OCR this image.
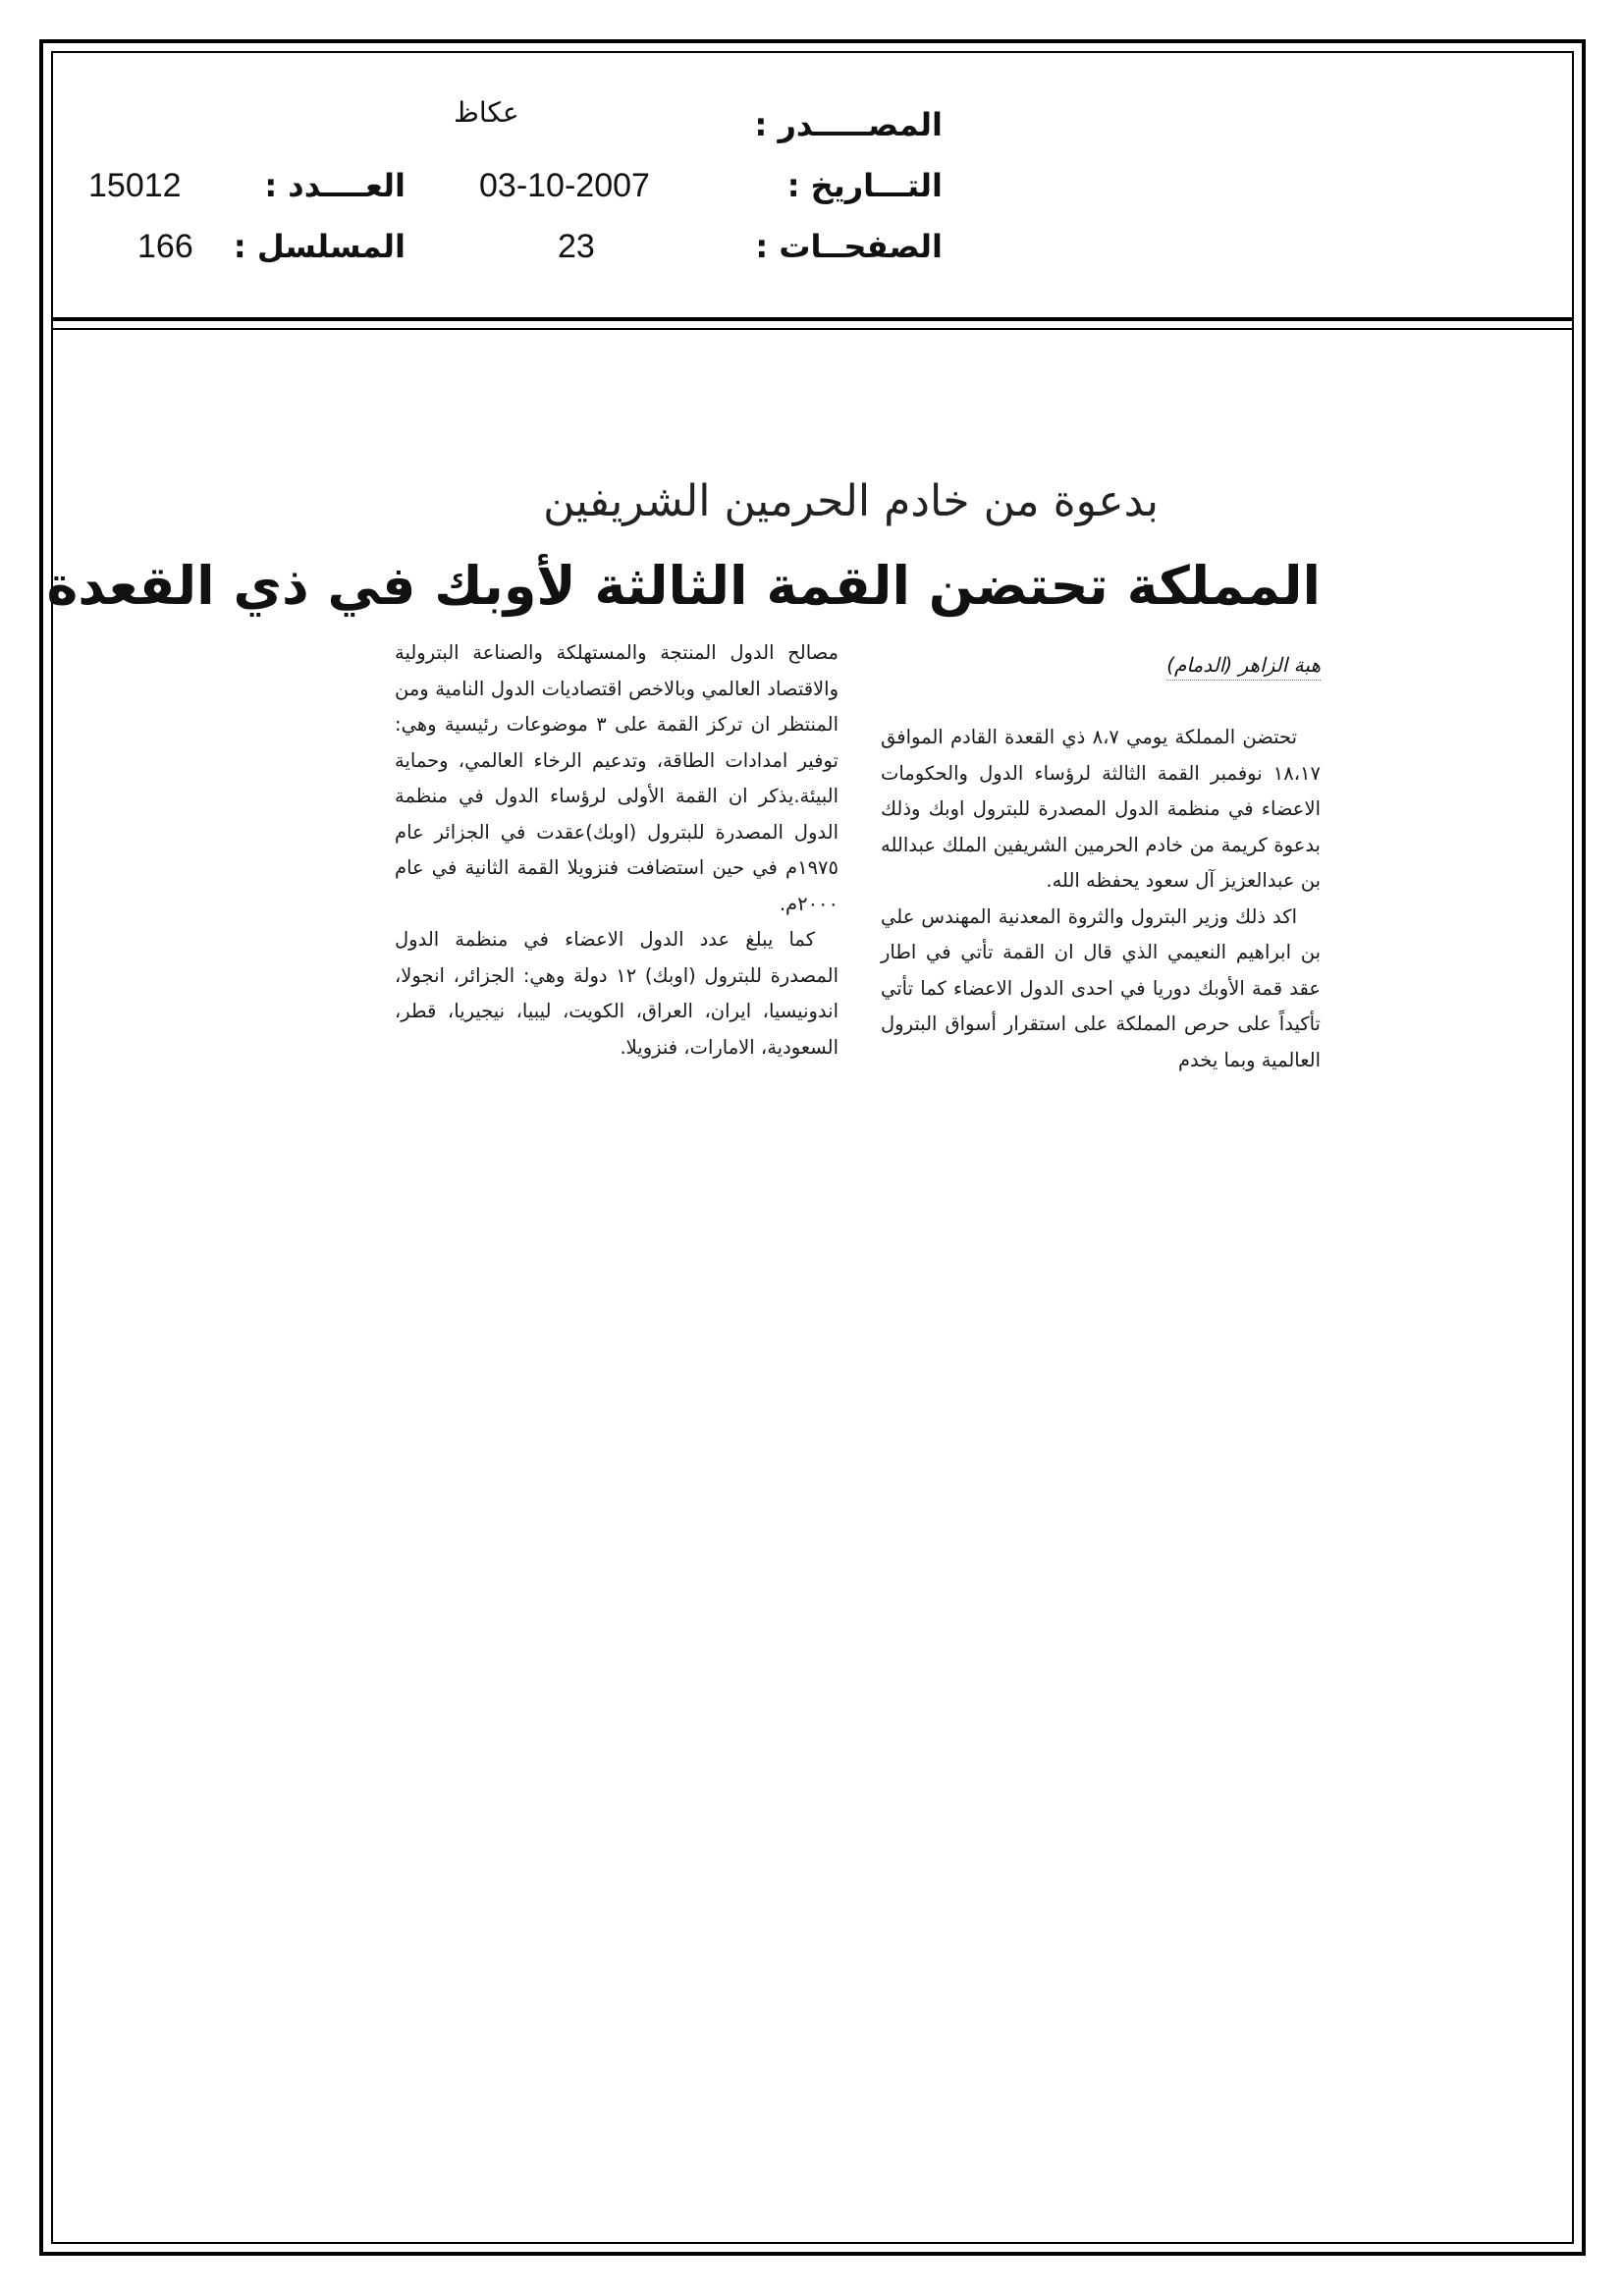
المصـــــدر :
عكاظ
التـــاريخ :
03-10-2007
العــــدد :
15012
الصفحــات :
23
المسلسل :
166
بدعوة من خادم الحرمين الشريفين
المملكة تحتضن القمة الثالثة لأوبك في ذي القعدة
هبة الزاهر (الدمام)

تحتضن المملكة يومي ٨،٧ ذي القعدة القادم الموافق ١٨،١٧ نوفمبر القمة الثالثة لرؤساء الدول والحكومات الاعضاء في منظمة الدول المصدرة للبترول اوبك وذلك بدعوة كريمة من خادم الحرمين الشريفين الملك عبدالله بن عبدالعزيز آل سعود يحفظه الله.

اكد ذلك وزير البترول والثروة المعدنية المهندس علي بن ابراهيم النعيمي الذي قال ان القمة تأتي في اطار عقد قمة الأوبك دوريا في احدى الدول الاعضاء كما تأتي تأكيداً على حرص المملكة على استقرار أسواق البترول العالمية وبما يخدم

مصالح الدول المنتجة والمستهلكة والصناعة البترولية والاقتصاد العالمي وبالاخص اقتصاديات الدول النامية ومن المنتظر ان تركز القمة على ٣ موضوعات رئيسية وهي: توفير امدادات الطاقة، وتدعيم الرخاء العالمي، وحماية البيئة.يذكر ان القمة الأولى لرؤساء الدول في منظمة الدول المصدرة للبترول (اوبك)عقدت في الجزائر عام ١٩٧٥م في حين استضافت فنزويلا القمة الثانية في عام ٢٠٠٠م.

كما يبلغ عدد الدول الاعضاء في منظمة الدول المصدرة للبترول (اوبك) ١٢ دولة وهي: الجزائر، انجولا، اندونيسيا، ايران، العراق، الكويت، ليبيا، نيجيريا، قطر، السعودية، الامارات، فنزويلا.
